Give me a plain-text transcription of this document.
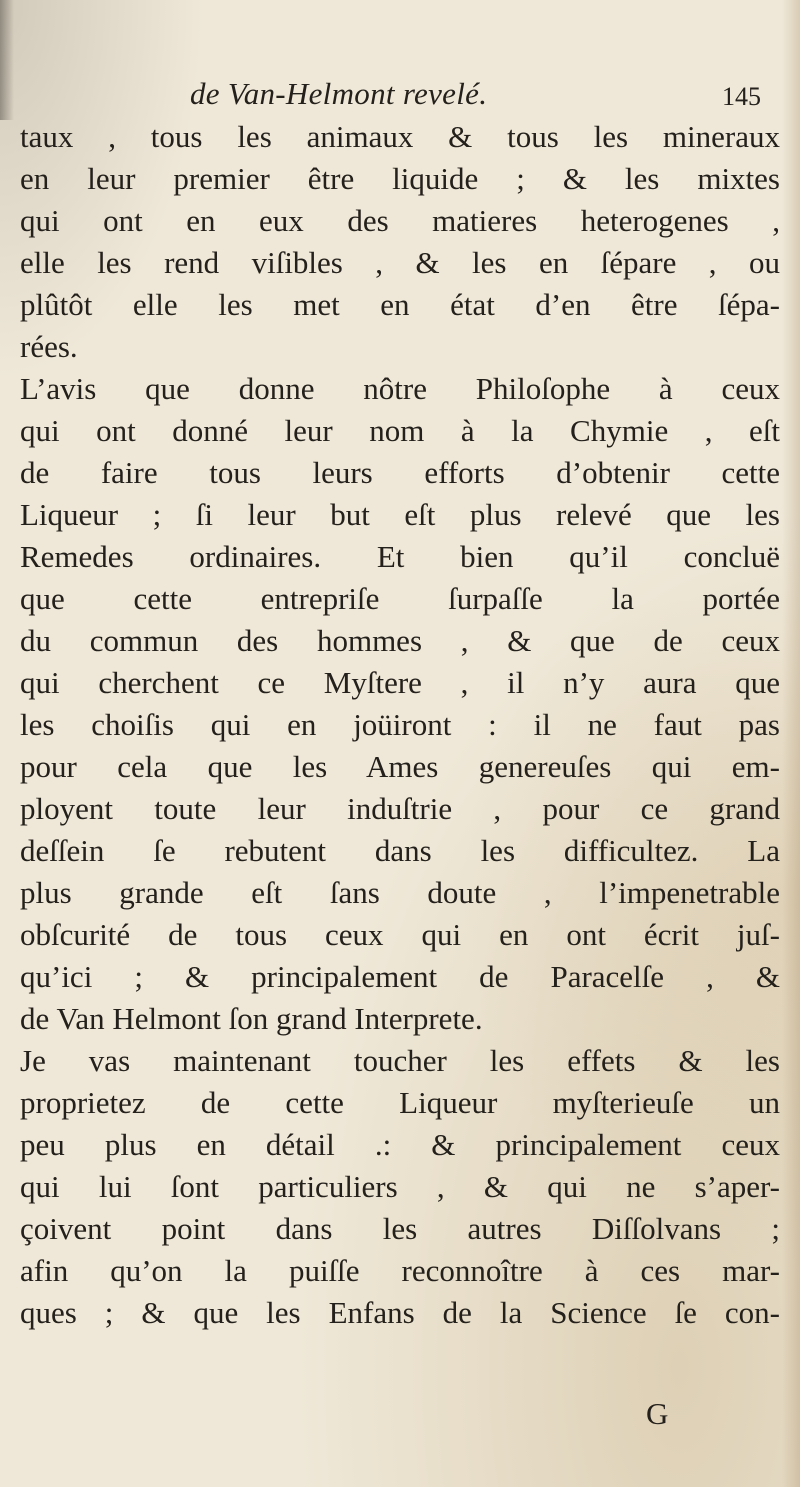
de Van-Helmont revelé.	145
taux , tous les animaux & tous les mineraux
en leur premier être liquide ; & les mixtes
qui ont en eux des matieres heterogenes ,
elle les rend viſibles , & les en ſépare , ou
plûtôt elle les met en état d’en être ſépa-
rées.
L’avis que donne nôtre Philoſophe à ceux
qui ont donné leur nom à la Chymie , eſt
de faire tous leurs efforts d’obtenir cette
Liqueur ; ſi leur but eſt plus relevé que les
Remedes ordinaires. Et bien qu’il concluë
que cette entrepriſe ſurpaſſe la portée
du commun des hommes , & que de ceux
qui cherchent ce Myſtere , il n’y aura que
les choiſis qui en joüiront : il ne faut pas
pour cela que les Ames genereuſes qui em-
ployent toute leur induſtrie , pour ce grand
deſſein ſe rebutent dans les difficultez. La
plus grande eſt ſans doute , l’impenetrable
obſcurité de tous ceux qui en ont écrit juſ-
qu’ici ; & principalement de Paracelſe , &
de Van Helmont ſon grand Interprete.
Je vas maintenant toucher les effets & les
proprietez de cette Liqueur myſterieuſe un
peu plus en détail .: & principalement ceux
qui lui ſont particuliers , & qui ne s’aper-
çoivent point dans les autres Diſſolvans ;
afin qu’on la puiſſe reconnoître à ces mar-
ques ; & que les Enfans de la Science ſe con-
G
